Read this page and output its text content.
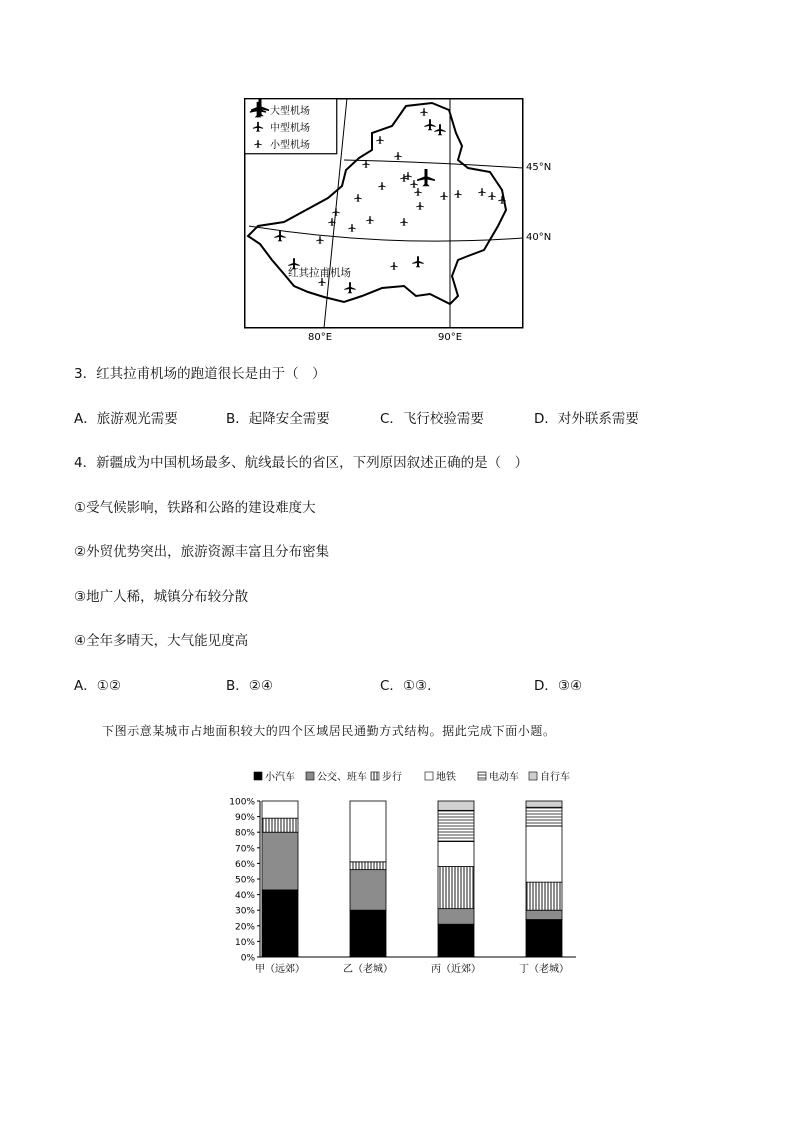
大型机场
中型机场
小型机场
45°N
40°N
80°E	90°E
红其拉甫机场
3．红其拉甫机场的跑道很长是由于（　）
A．旅游观光需要	B．起降安全需要	C．飞行校验需要	D．对外联系需要
4．新疆成为中国机场最多、航线最长的省区，下列原因叙述正确的是（　）
①受气候影响，铁路和公路的建设难度大
②外贸优势突出，旅游资源丰富且分布密集
③地广人稀，城镇分布较分散
④全年多晴天，大气能见度高
A．①②	B．②④	C．①③.	D．③④
下图示意某城市占地面积较大的四个区域居民通勤方式结构。据此完成下面小题。
小汽车 公交、班车 步行	地铁	电动车 自行车
0%
10%
20%
30%
40%
50%
60%
70%
80%
90%
100%
甲（远郊）	乙（老城）	丙（近郊）	丁（老城）
